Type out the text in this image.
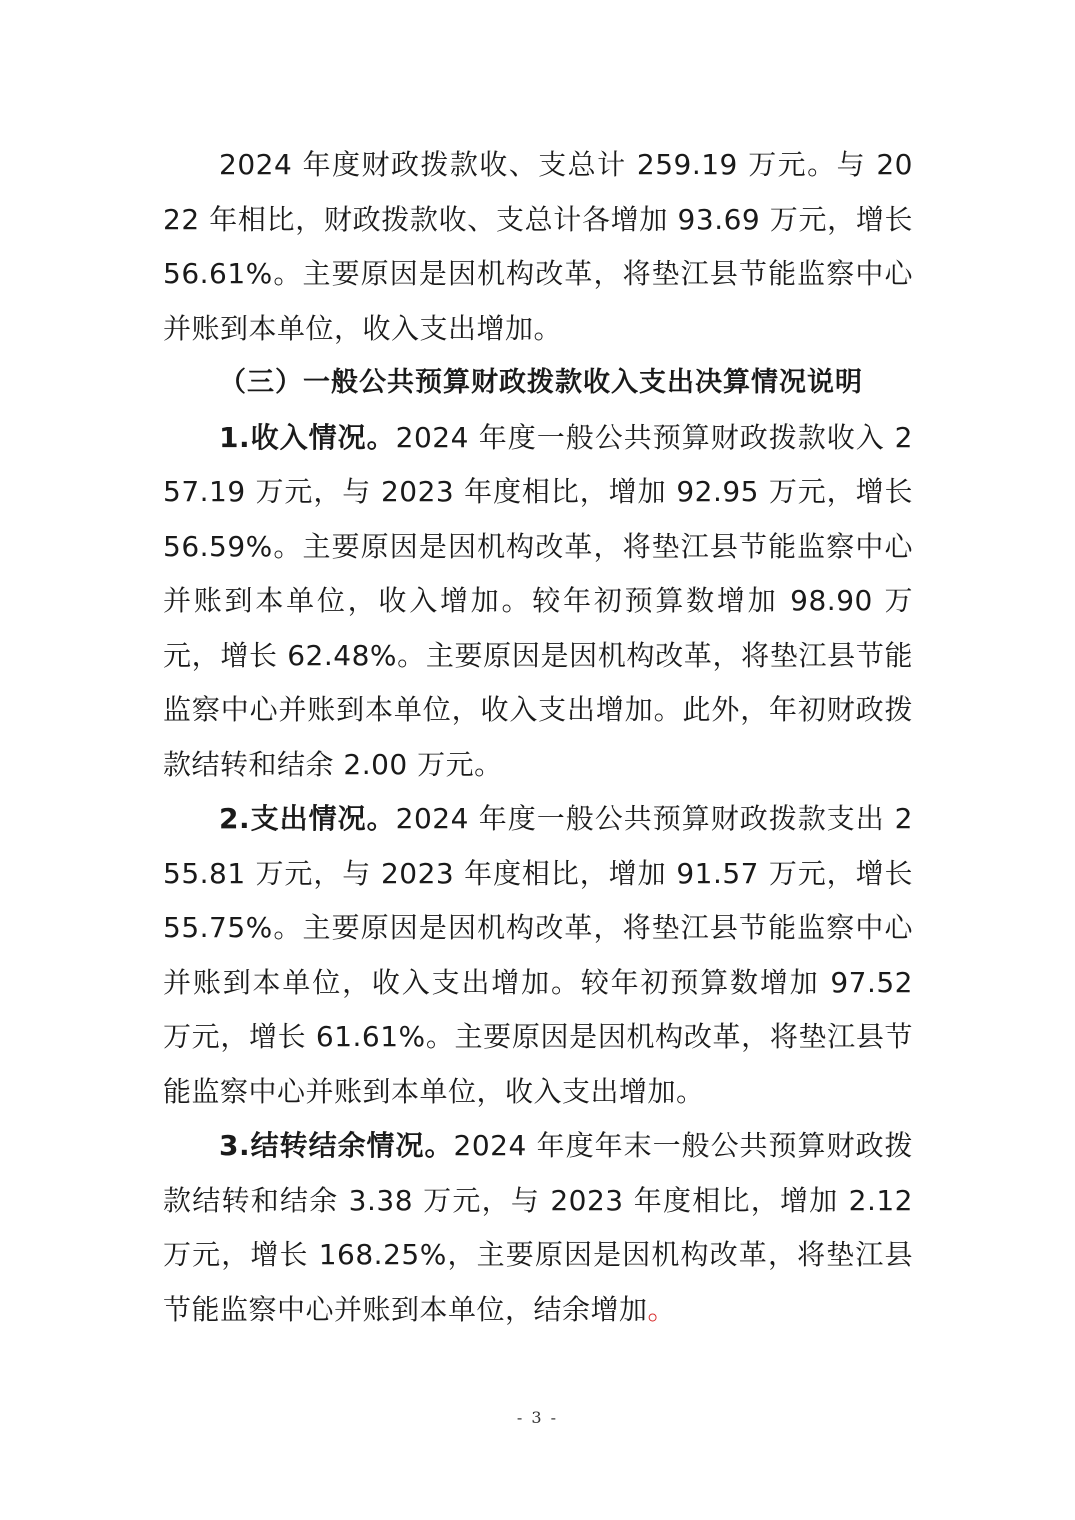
2024 年度财政拨款收、支总计 259.19 万元。与 2022 年相比，财政拨款收、支总计各增加 93.69 万元，增长 56.61%。主要原因是因机构改革，将垫江县节能监察中心并账到本单位，收入支出增加。

（三）一般公共预算财政拨款收入支出决算情况说明

1.收入情况。2024 年度一般公共预算财政拨款收入 257.19 万元，与 2023 年度相比，增加 92.95 万元，增长 56.59%。主要原因是因机构改革，将垫江县节能监察中心并账到本单位，收入增加。较年初预算数增加 98.90 万元，增长 62.48%。主要原因是因机构改革，将垫江县节能监察中心并账到本单位，收入支出增加。此外，年初财政拨款结转和结余 2.00 万元。

2.支出情况。2024 年度一般公共预算财政拨款支出 255.81 万元，与 2023 年度相比，增加 91.57 万元，增长 55.75%。主要原因是因机构改革，将垫江县节能监察中心并账到本单位，收入支出增加。较年初预算数增加 97.52 万元，增长 61.61%。主要原因是因机构改革，将垫江县节能监察中心并账到本单位，收入支出增加。

3.结转结余情况。2024 年度年末一般公共预算财政拨款结转和结余 3.38 万元，与 2023 年度相比，增加 2.12 万元，增长 168.25%，主要原因是因机构改革，将垫江县节能监察中心并账到本单位，结余增加。

- 3 -
